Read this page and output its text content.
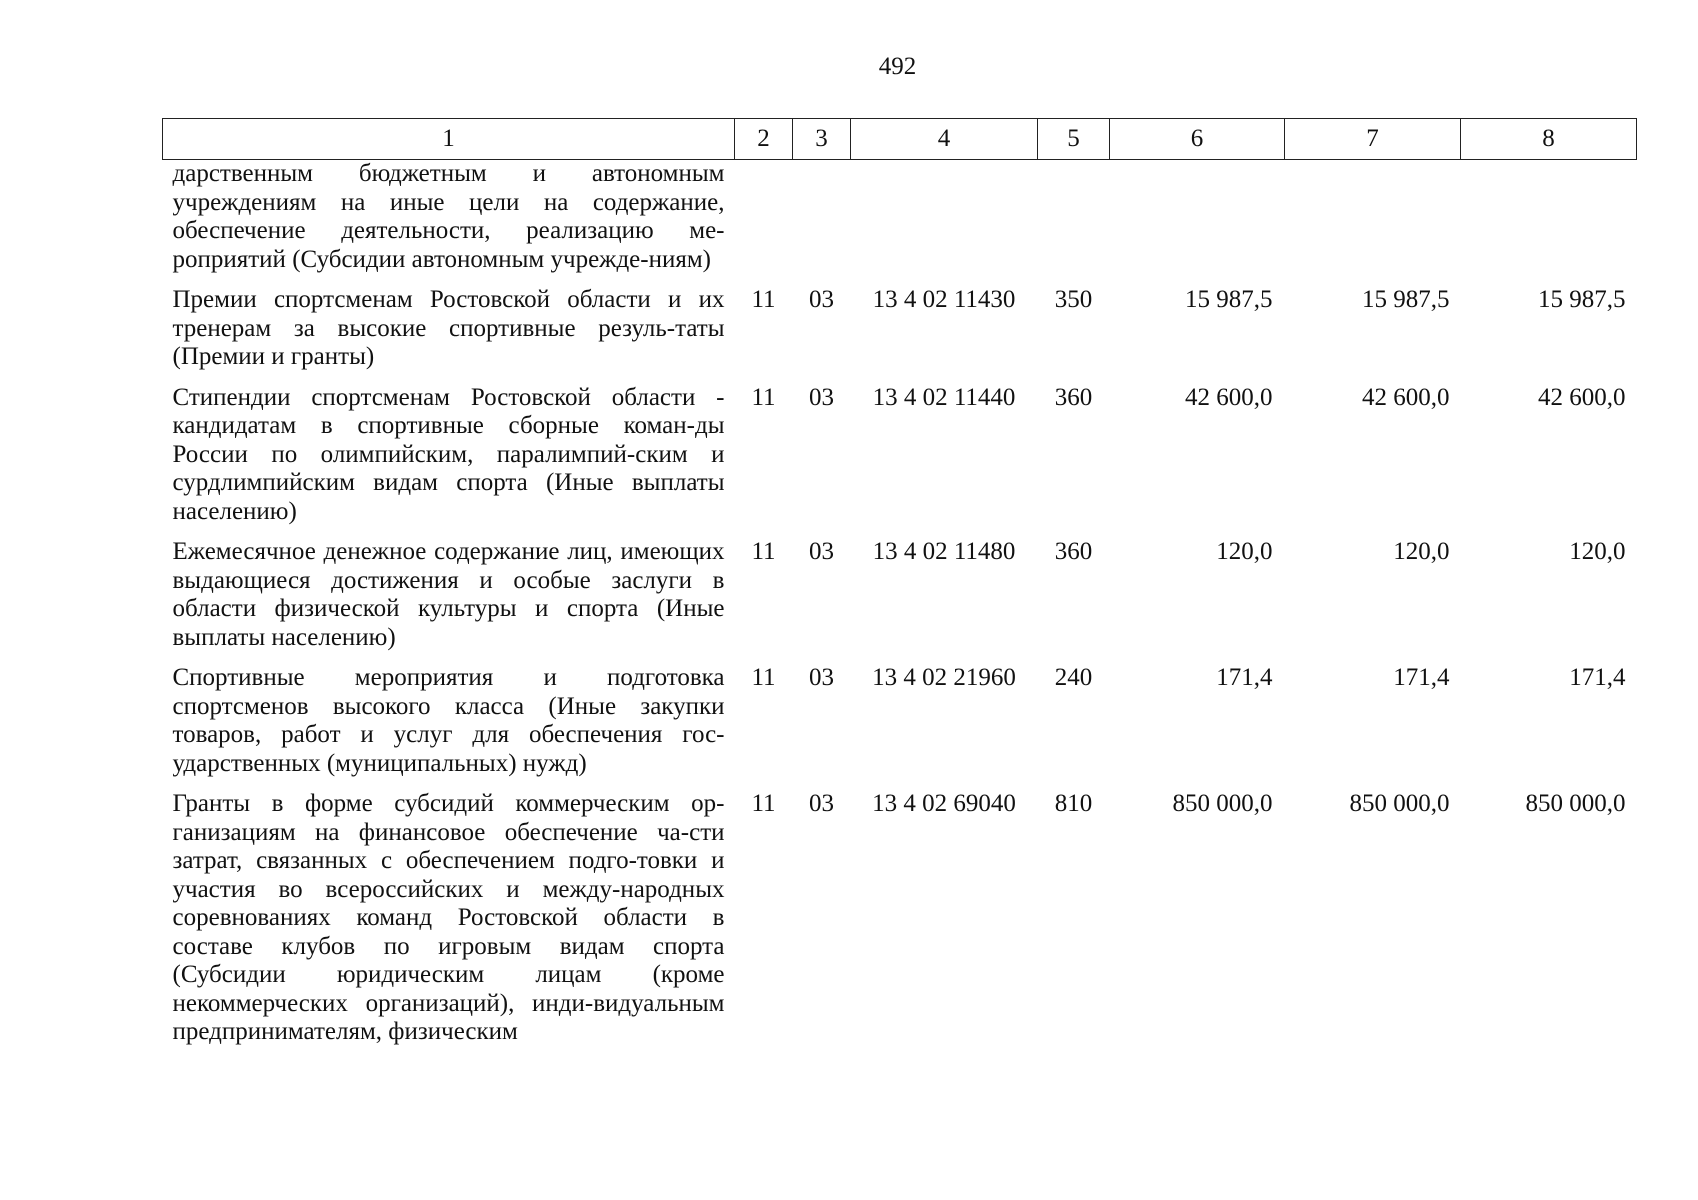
492
1	2	3	4	5	6	7	8
дарственным бюджетным и автономным учреждениям на иные цели на содержание, обеспечение деятельности, реализацию ме-роприятий (Субсидии автономным учрежде-ниям)							
Премии спортсменам Ростовской области и их тренерам за высокие спортивные резуль-таты (Премии и гранты)	11	03	13 4 02 11430	350	15 987,5	15 987,5	15 987,5
Стипендии спортсменам Ростовской области - кандидатам в спортивные сборные коман-ды России по олимпийским, паралимпий-ским и сурдлимпийским видам спорта (Иные выплаты населению)	11	03	13 4 02 11440	360	42 600,0	42 600,0	42 600,0
Ежемесячное денежное содержание лиц, имеющих выдающиеся достижения и особые заслуги в области физической культуры и спорта (Иные выплаты населению)	11	03	13 4 02 11480	360	120,0	120,0	120,0
Спортивные мероприятия и подготовка спортсменов высокого класса (Иные закупки товаров, работ и услуг для обеспечения гос-ударственных (муниципальных) нужд)	11	03	13 4 02 21960	240	171,4	171,4	171,4
Гранты в форме субсидий коммерческим ор-ганизациям на финансовое обеспечение ча-сти затрат, связанных с обеспечением подго-товки и участия во всероссийских и между-народных соревнованиях команд Ростовской области в составе клубов по игровым видам спорта (Субсидии юридическим лицам (кроме некоммерческих организаций), инди-видуальным предпринимателям, физическим	11	03	13 4 02 69040	810	850 000,0	850 000,0	850 000,0
